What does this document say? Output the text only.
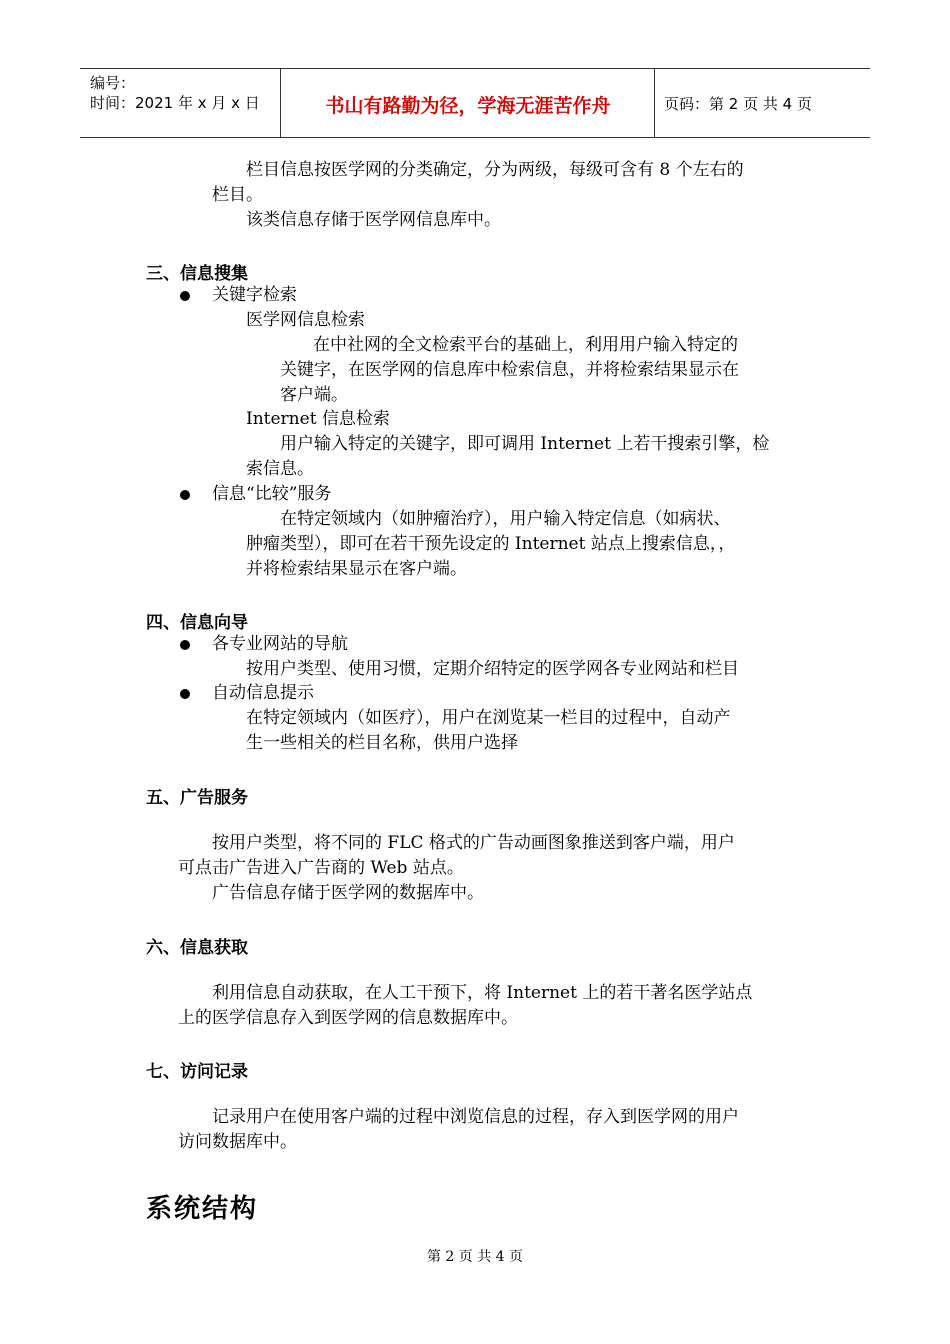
编号：
时间：2021 年 x 月 x 日	书山有路勤为径，学海无涯苦作舟	页码：第 2 页 共 4 页
栏目信息按医学网的分类确定，分为两级，每级可含有 8 个左右的
栏目。
该类信息存储于医学网信息库中。
三、信息搜集
关键字检索
医学网信息检索
在中社网的全文检索平台的基础上，利用用户输入特定的
关键字，在医学网的信息库中检索信息，并将检索结果显示在
客户端。
Internet 信息检索
用户输入特定的关键字，即可调用 Internet 上若干搜索引擎，检
索信息。
信息“比较”服务
在特定领域内（如肿瘤治疗），用户输入特定信息（如病状、
肿瘤类型），即可在若干预先设定的 Internet 站点上搜索信息，，
并将检索结果显示在客户端。
四、信息向导
各专业网站的导航
按用户类型、使用习惯，定期介绍特定的医学网各专业网站和栏目
自动信息提示
在特定领域内（如医疗），用户在浏览某一栏目的过程中，自动产
生一些相关的栏目名称，供用户选择
五、广告服务
按用户类型，将不同的 FLC 格式的广告动画图象推送到客户端，用户
可点击广告进入广告商的 Web 站点。
广告信息存储于医学网的数据库中。
六、信息获取
利用信息自动获取，在人工干预下，将 Internet 上的若干著名医学站点
上的医学信息存入到医学网的信息数据库中。
七、访问记录
记录用户在使用客户端的过程中浏览信息的过程，存入到医学网的用户
访问数据库中。
系统结构
第 2 页 共 4 页
